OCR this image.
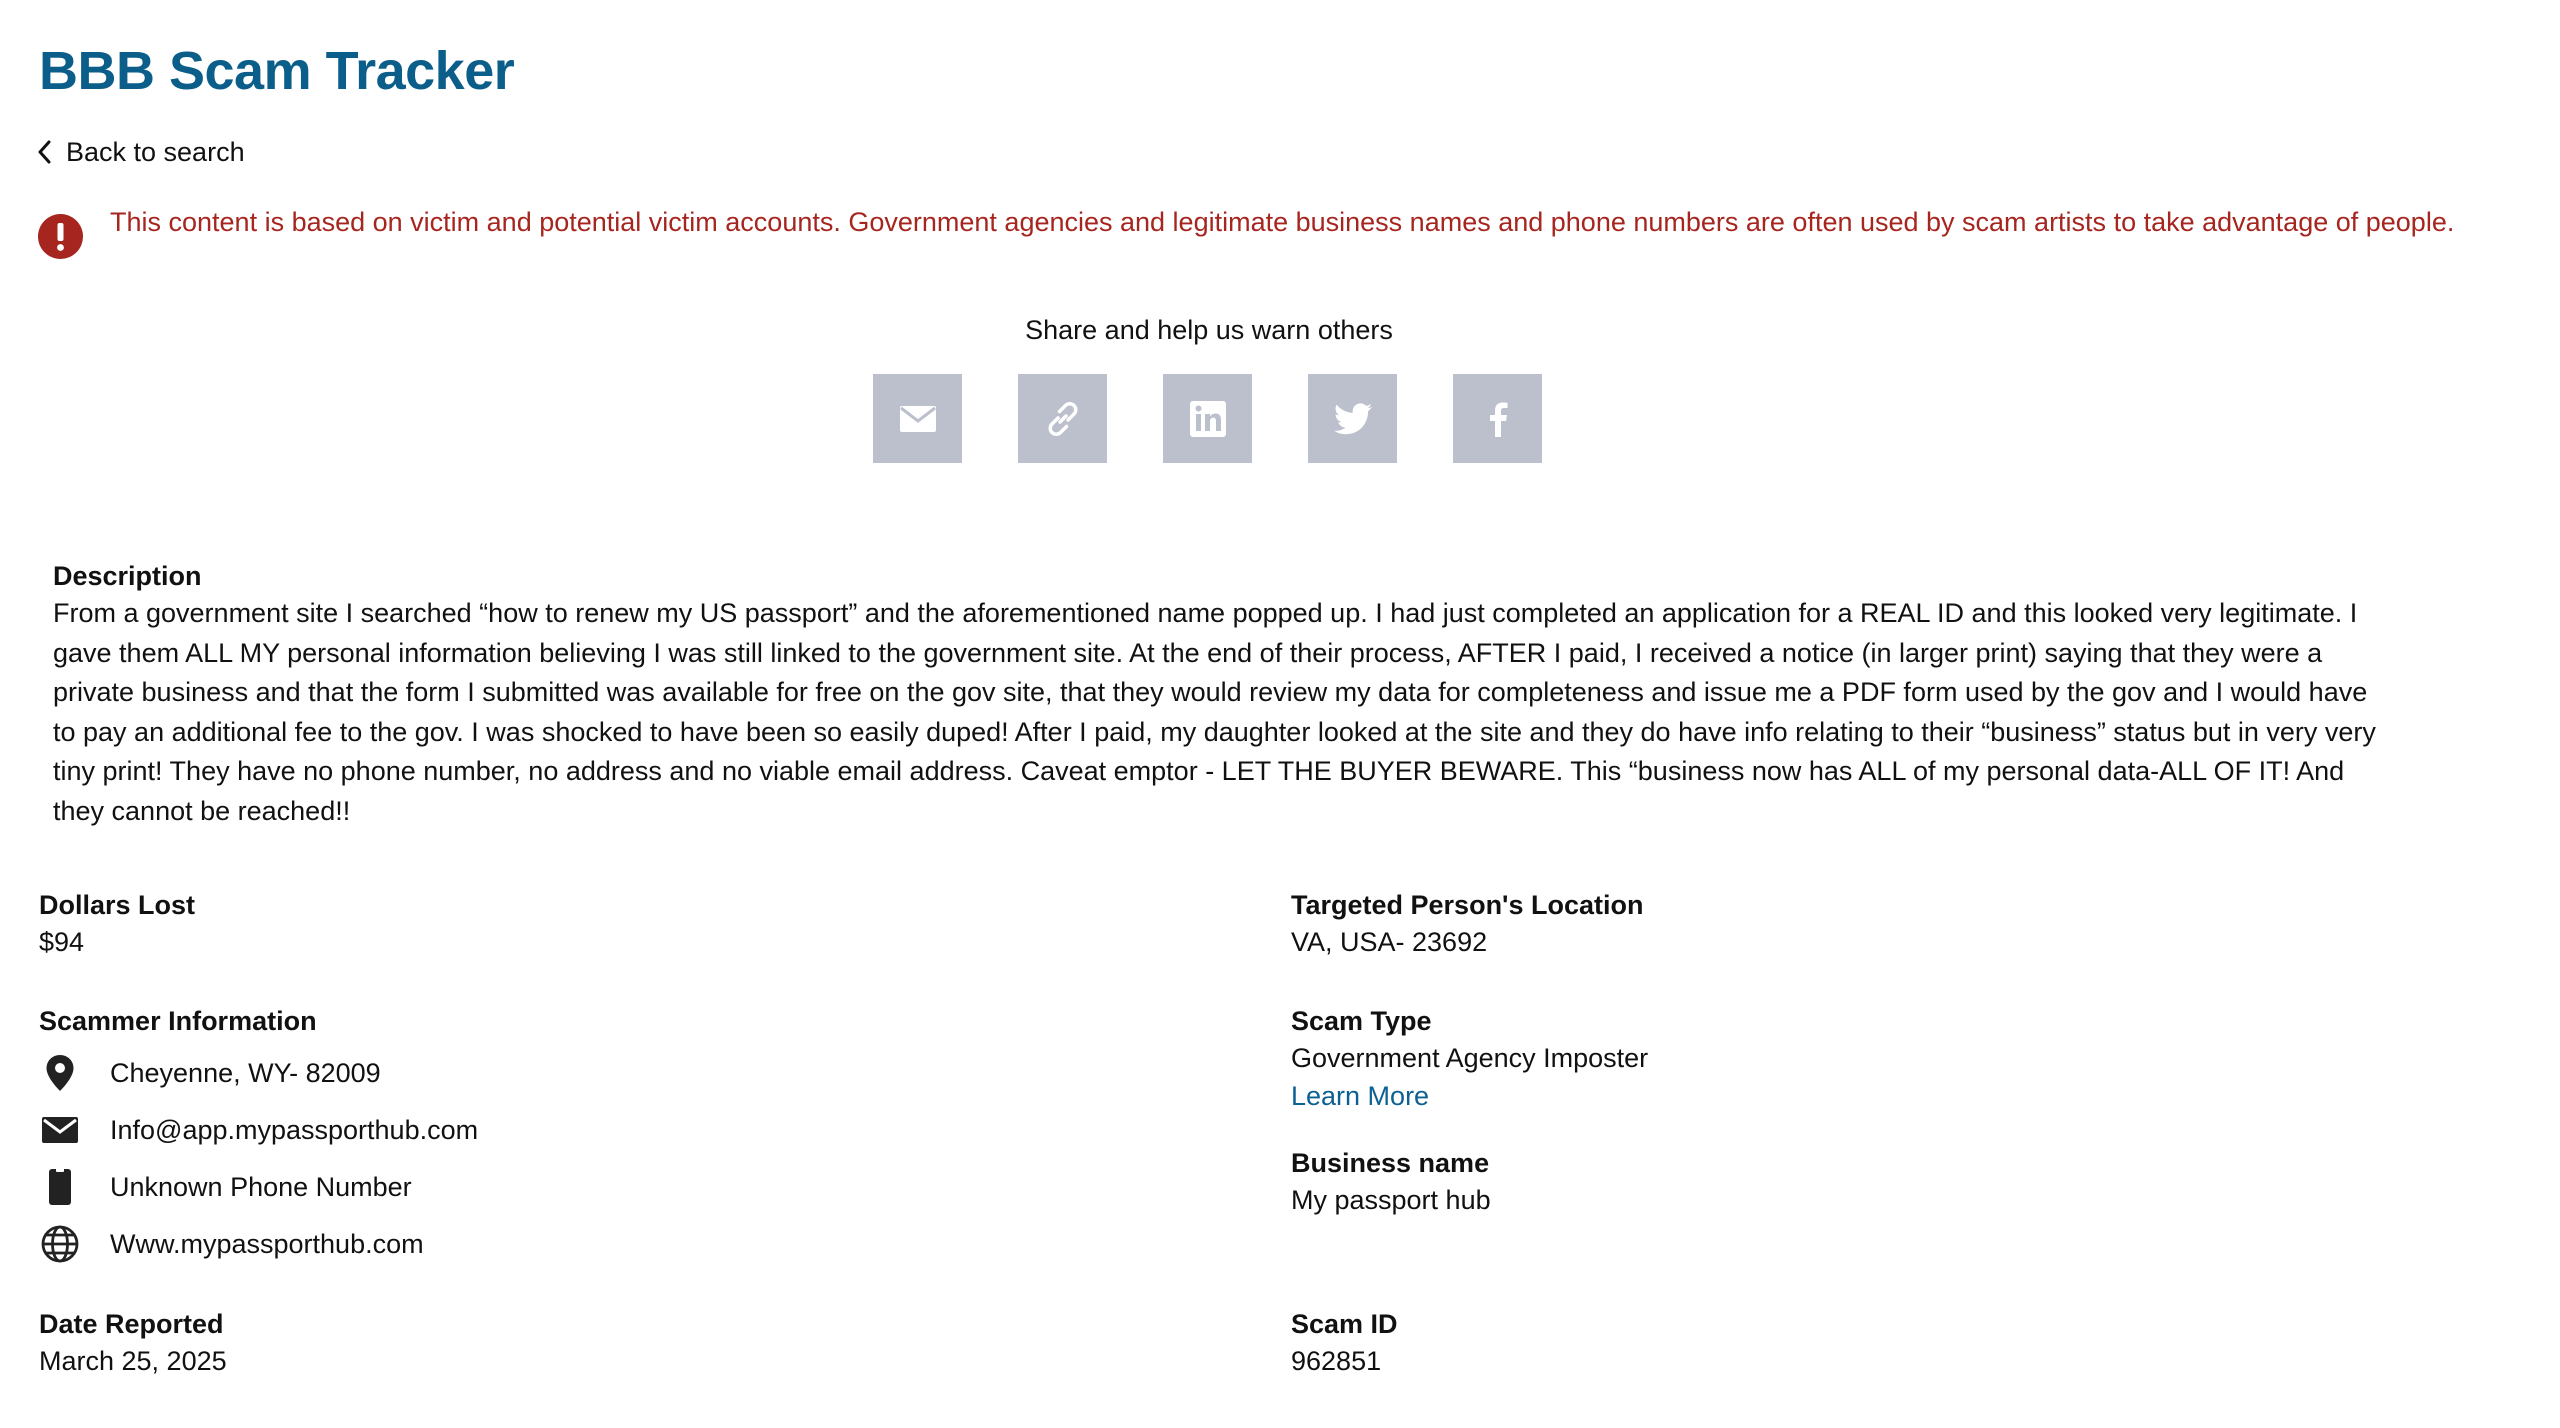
BBB Scam Tracker
Back to search
This content is based on victim and potential victim accounts. Government agencies and legitimate business names and phone numbers are often used by scam artists to take advantage of people.
Share and help us warn others
Description
From a government site I searched “how to renew my US passport” and the aforementioned name popped up. I had just completed an application for a REAL ID and this looked very legitimate. I gave them ALL MY personal information believing I was still linked to the government site. At the end of their process, AFTER I paid, I received a notice (in larger print) saying that they were a private business and that the form I submitted was available for free on the gov site, that they would review my data for completeness and issue me a PDF form used by the gov and I would have to pay an additional fee to the gov. I was shocked to have been so easily duped! After I paid, my daughter looked at the site and they do have info relating to their “business” status but in very very tiny print! They have no phone number, no address and no viable email address. Caveat emptor - LET THE BUYER BEWARE. This “business now has ALL of my personal data-ALL OF IT! And they cannot be reached!!
Dollars Lost
$94
Scammer Information
Cheyenne, WY- 82009
Info@app.mypassporthub.com
Unknown Phone Number
Www.mypassporthub.com
Date Reported
March 25, 2025
Targeted Person's Location
VA, USA- 23692
Scam Type
Government Agency Imposter
Learn More
Business name
My passport hub
Scam ID
962851
